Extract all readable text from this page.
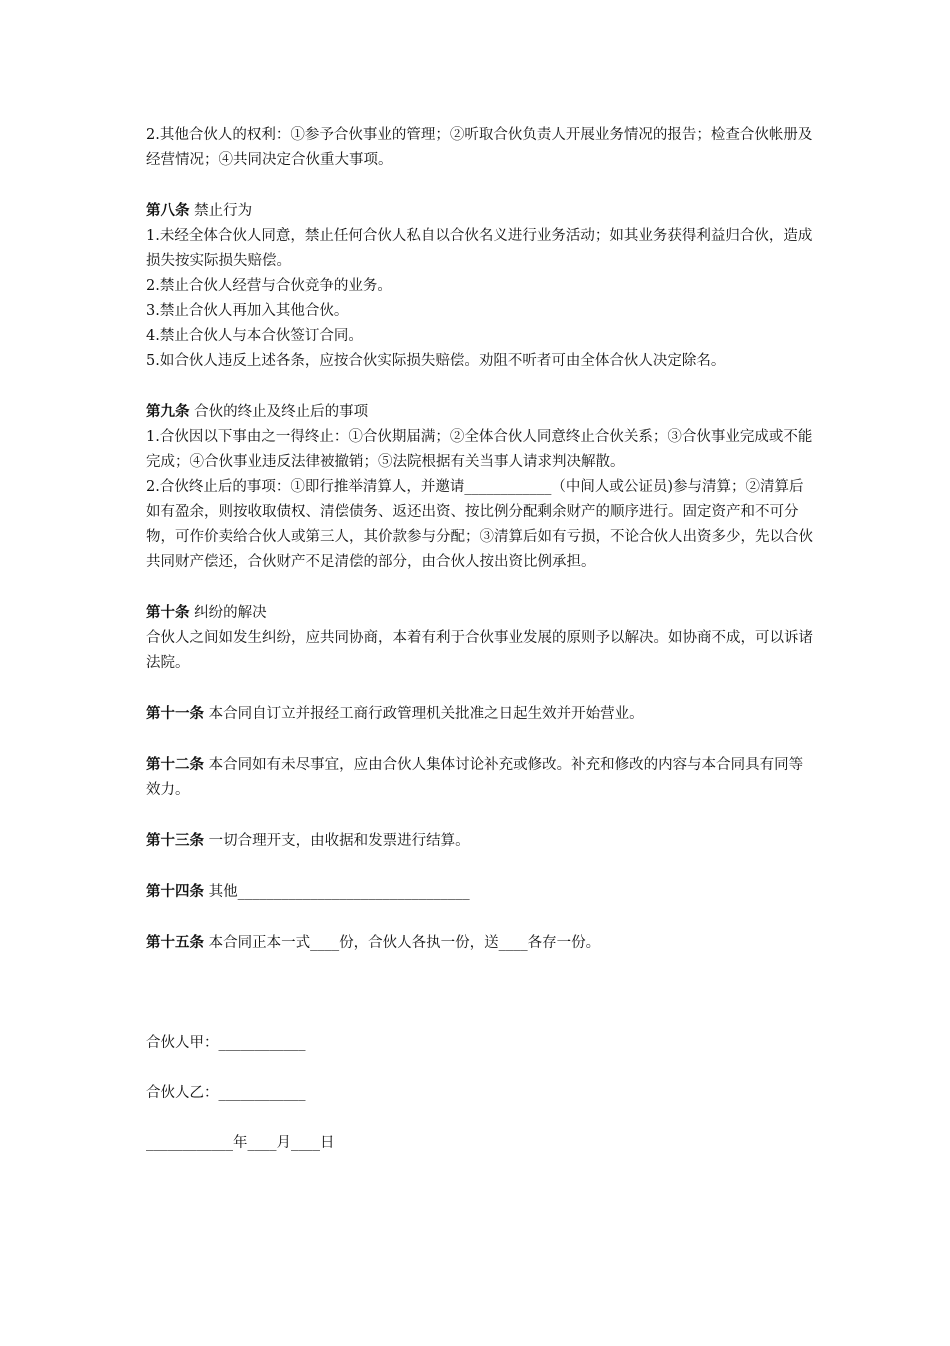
2.其他合伙人的权利：①参予合伙事业的管理；②听取合伙负责人开展业务情况的报告；检查合伙帐册及经营情况；④共同决定合伙重大事项。

第八条 禁止行为

1.未经全体合伙人同意，禁止任何合伙人私自以合伙名义进行业务活动；如其业务获得利益归合伙，造成损失按实际损失赔偿。

2.禁止合伙人经营与合伙竞争的业务。

3.禁止合伙人再加入其他合伙。

4.禁止合伙人与本合伙签订合同。

5.如合伙人违反上述各条，应按合伙实际损失赔偿。劝阻不听者可由全体合伙人决定除名。

第九条 合伙的终止及终止后的事项

1.合伙因以下事由之一得终止：①合伙期届满；②全体合伙人同意终止合伙关系；③合伙事业完成或不能完成；④合伙事业违反法律被撤销；⑤法院根据有关当事人请求判决解散。

2.合伙终止后的事项：①即行推举清算人，并邀请____________（中间人或公证员)参与清算；②清算后如有盈余，则按收取债权、清偿债务、返还出资、按比例分配剩余财产的顺序进行。固定资产和不可分物，可作价卖给合伙人或第三人，其价款参与分配；③清算后如有亏损，不论合伙人出资多少，先以合伙共同财产偿还，合伙财产不足清偿的部分，由合伙人按出资比例承担。

第十条 纠纷的解决

合伙人之间如发生纠纷，应共同协商，本着有利于合伙事业发展的原则予以解决。如协商不成，可以诉诸法院。

第十一条 本合同自订立并报经工商行政管理机关批准之日起生效并开始营业。

第十二条 本合同如有未尽事宜，应由合伙人集体讨论补充或修改。补充和修改的内容与本合同具有同等效力。

第十三条 一切合理开支，由收据和发票进行结算。

第十四条 其他________________________________

第十五条 本合同正本一式____份，合伙人各执一份，送____各存一份。

合伙人甲：____________

合伙人乙：____________

____________年____月____日
